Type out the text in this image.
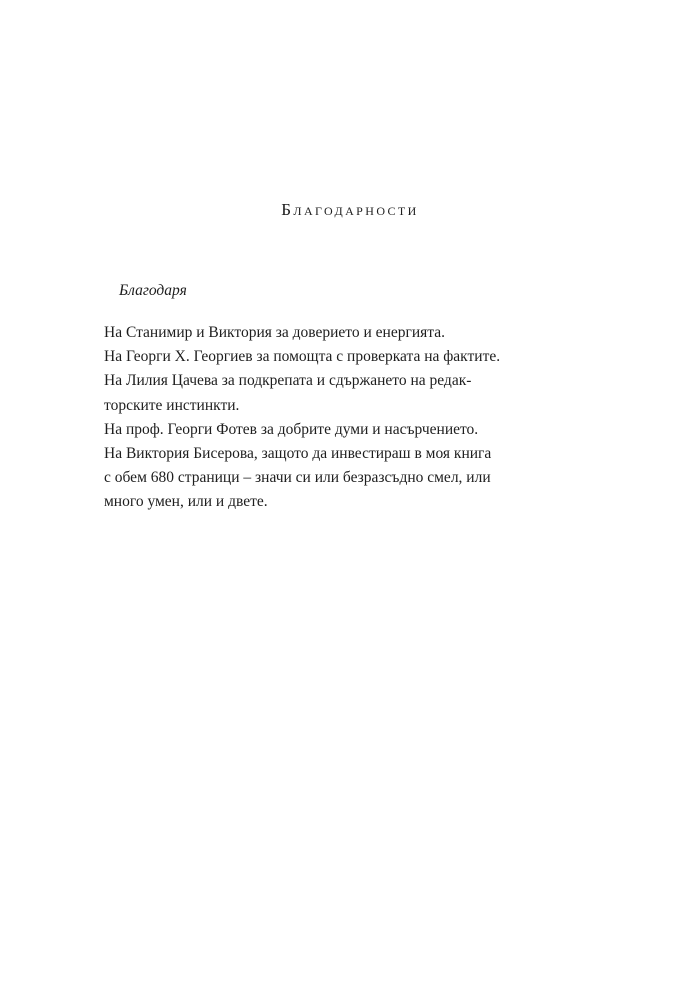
Благодарности
Благодаря
На Станимир и Виктория за доверието и енергията.
На Георги Х. Георгиев за помощта с проверката на фактите.
На Лилия Цачева за подкрепата и сдържането на редак-
торските инстинкти.
На проф. Георги Фотев за добрите думи и насърчението.
На Виктория Бисерова, защото да инвестираш в моя книга
с обем 680 страници – значи си или безразсъдно смел, или
много умен, или и двете.
